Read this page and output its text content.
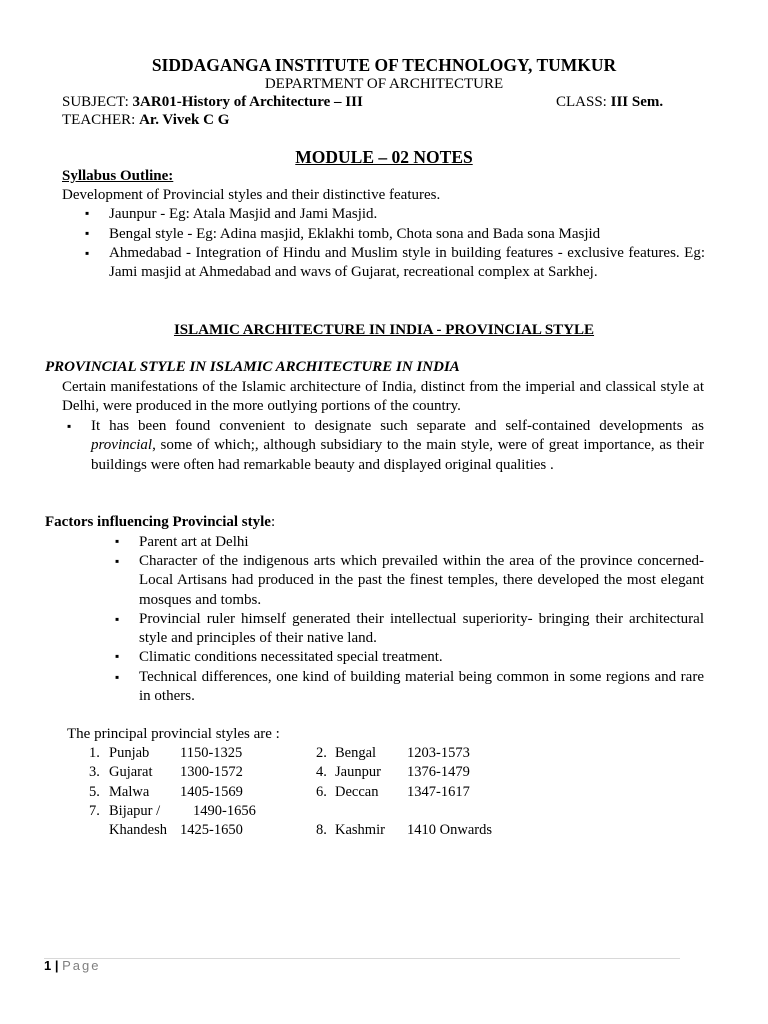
SIDDAGANGA INSTITUTE OF TECHNOLOGY, TUMKUR
DEPARTMENT OF ARCHITECTURE
SUBJECT: 3AR01-History of Architecture – III	CLASS: III Sem.
TEACHER: Ar. Vivek C G
MODULE – 02 NOTES
Syllabus Outline:
Development of Provincial styles and their distinctive features.
▪ Jaunpur - Eg: Atala Masjid and Jami Masjid.
▪ Bengal style - Eg: Adina masjid, Eklakhi tomb, Chota sona and Bada sona Masjid
▪ Ahmedabad - Integration of Hindu and Muslim style in building features - exclusive features. Eg: Jami masjid at Ahmedabad and wavs of Gujarat, recreational complex at Sarkhej.
ISLAMIC ARCHITECTURE IN INDIA - PROVINCIAL STYLE
PROVINCIAL STYLE IN ISLAMIC ARCHITECTURE IN INDIA
Certain manifestations of the Islamic architecture of India, distinct from the imperial and classical style at Delhi, were produced in the more outlying portions of the country.
▪ It has been found convenient to designate such separate and self-contained developments as provincial, some of which;, although subsidiary to the main style, were of great importance, as their buildings were often had remarkable beauty and displayed original qualities .
Factors influencing Provincial style:
▪ Parent art at Delhi
▪ Character of the indigenous arts which prevailed within the area of the province concerned- Local Artisans had produced in the past the finest temples, there developed the most elegant mosques and tombs.
▪ Provincial ruler himself generated their intellectual superiority- bringing their architectural style and principles of their native land.
▪ Climatic conditions necessitated special treatment.
▪ Technical differences, one kind of building material being common in some regions and rare in others.
The principal provincial styles are :
1. Punjab 1150-1325	2. Bengal 1203-1573
3. Gujarat 1300-1572	4. Jaunpur 1376-1479
5. Malwa 1405-1569	6. Deccan 1347-1617
7. Bijapur / 1490-1656
Khandesh 1425-1650	8. Kashmir 1410 Onwards
1 | Page
